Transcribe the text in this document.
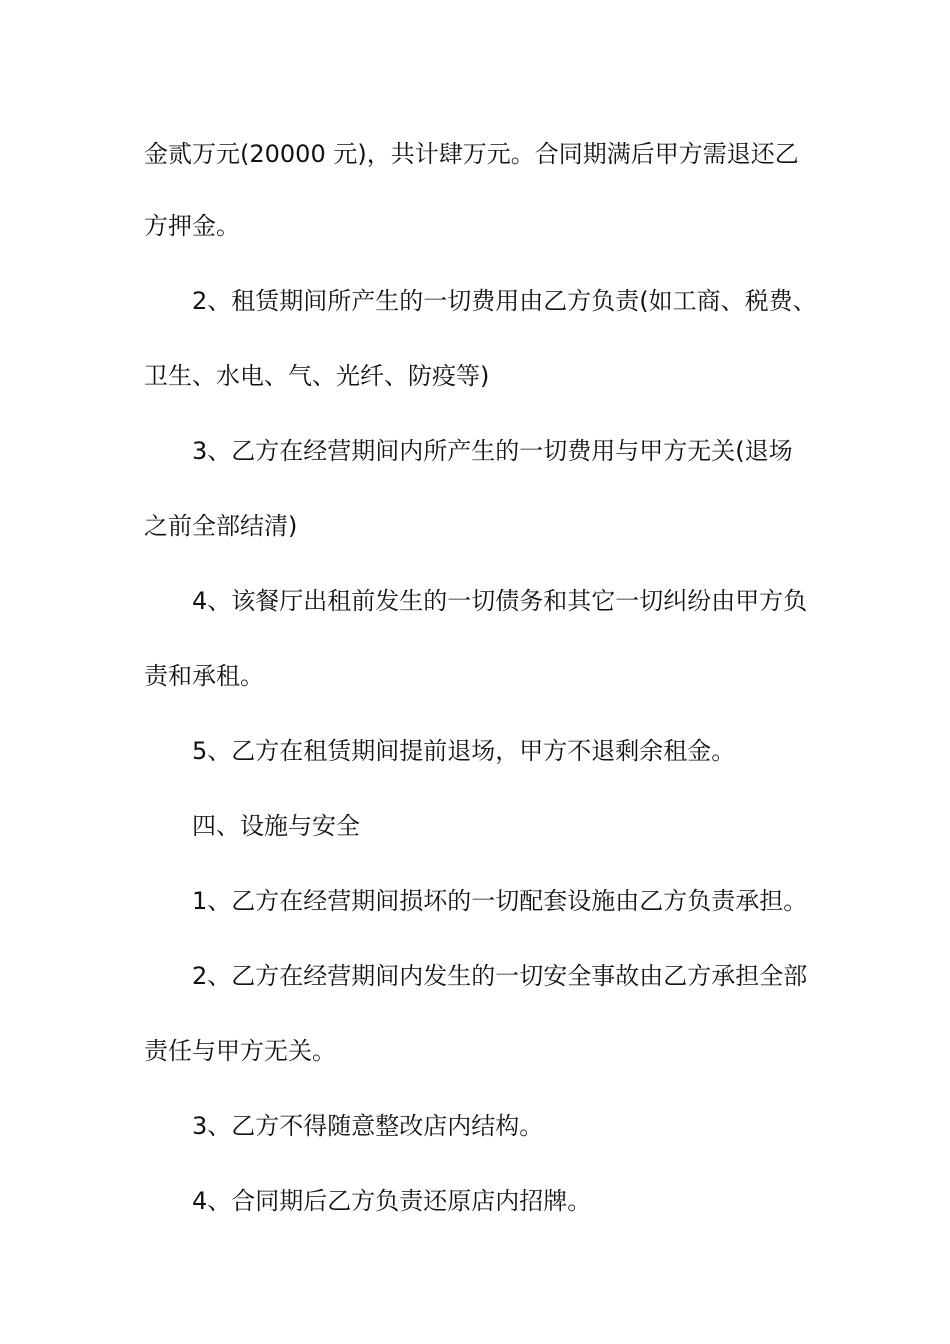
金贰万元(20000 元)，共计肆万元。合同期满后甲方需退还乙
方押金。
2、租赁期间所产生的一切费用由乙方负责(如工商、税费、
卫生、水电、气、光纤、防疫等)
3、乙方在经营期间内所产生的一切费用与甲方无关(退场
之前全部结清)
4、该餐厅出租前发生的一切债务和其它一切纠纷由甲方负
责和承租。
5、乙方在租赁期间提前退场，甲方不退剩余租金。
四、设施与安全
1、乙方在经营期间损坏的一切配套设施由乙方负责承担。
2、乙方在经营期间内发生的一切安全事故由乙方承担全部
责任与甲方无关。
3、乙方不得随意整改店内结构。
4、合同期后乙方负责还原店内招牌。
